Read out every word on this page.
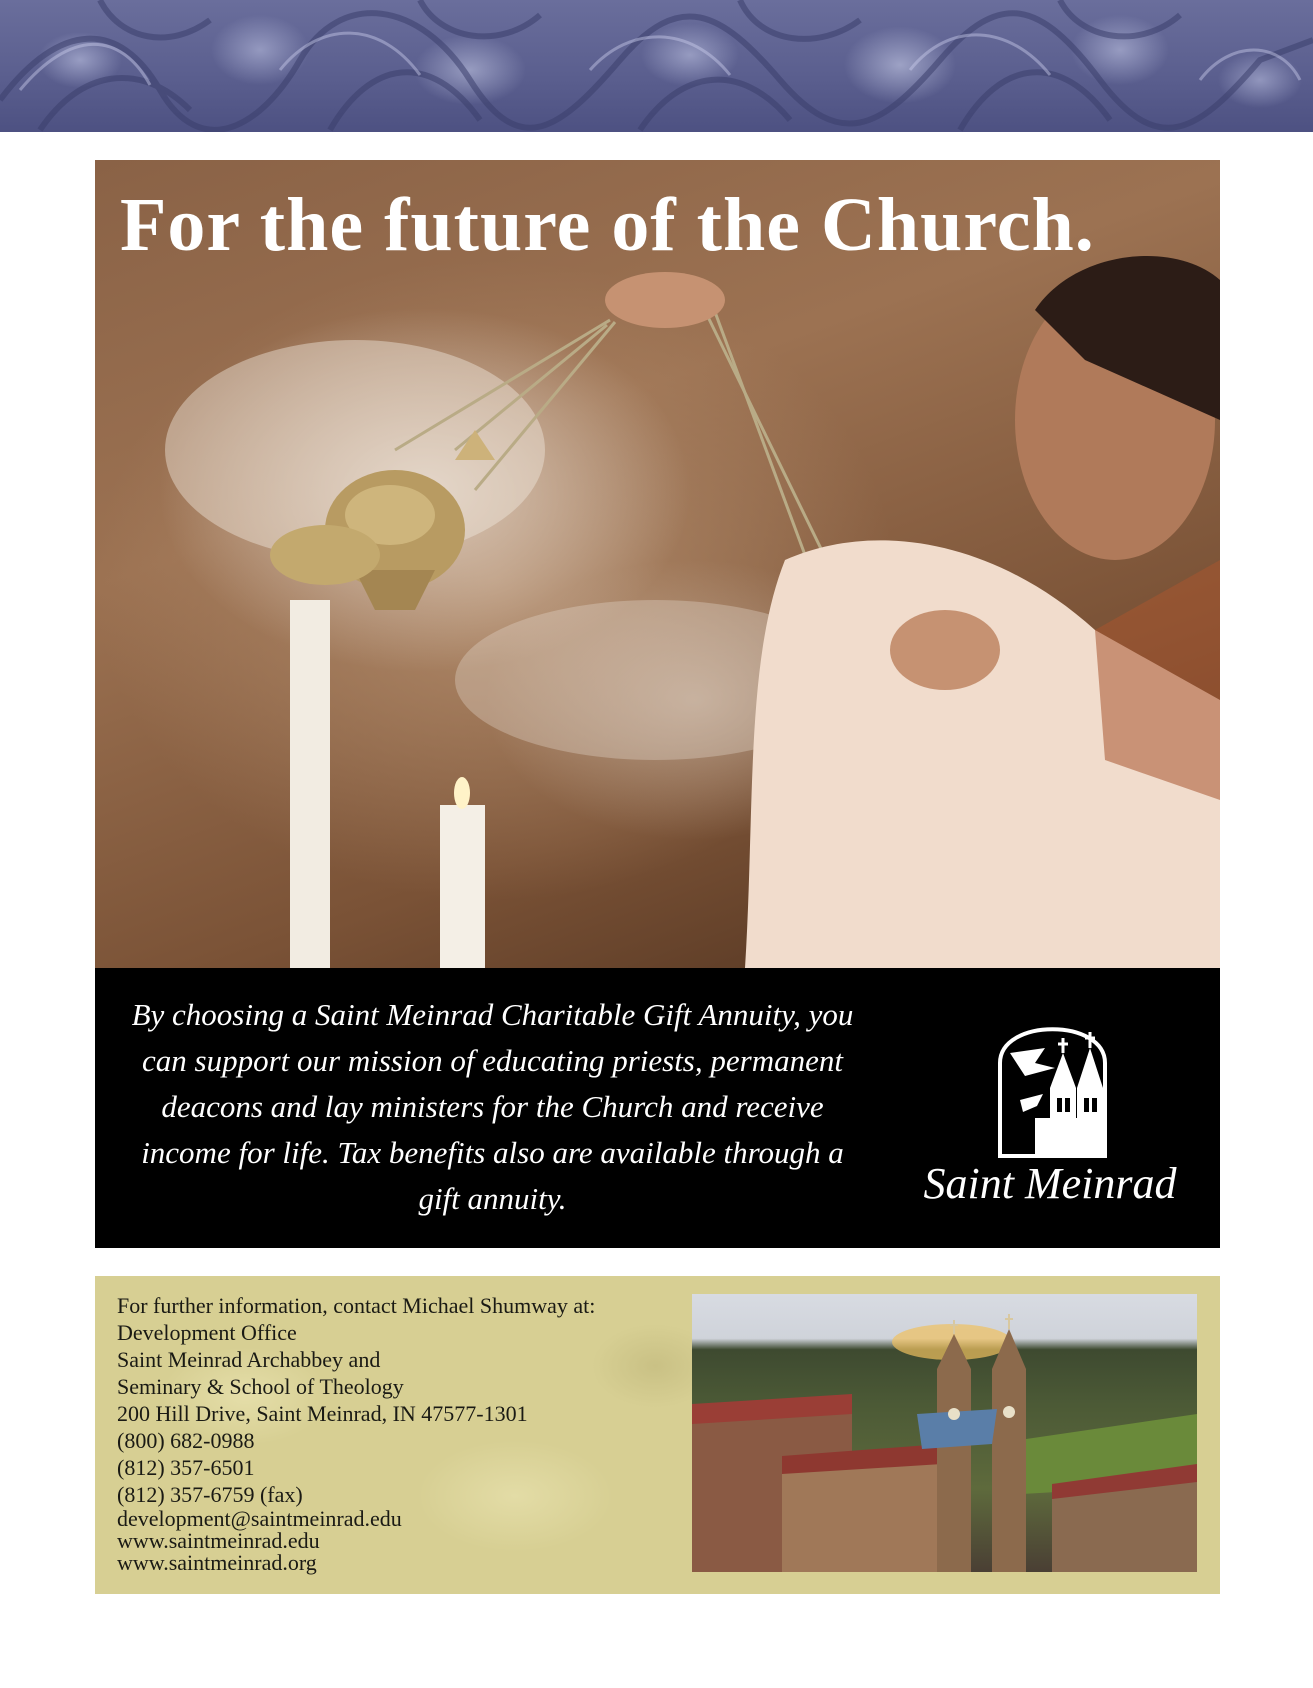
For the future of the Church.

By choosing a Saint Meinrad Charitable Gift Annuity, you can support our mission of educating priests, permanent deacons and lay ministers for the Church and receive income for life. Tax benefits also are available through a gift annuity.	Saint Meinrad
For further information, contact Michael Shumway at:
Development Office
Saint Meinrad Archabbey and
Seminary & School of Theology
200 Hill Drive, Saint Meinrad, IN 47577-1301
(800) 682-0988
(812) 357-6501
(812) 357-6759 (fax)
development@saintmeinrad.edu
www.saintmeinrad.edu
www.saintmeinrad.org
